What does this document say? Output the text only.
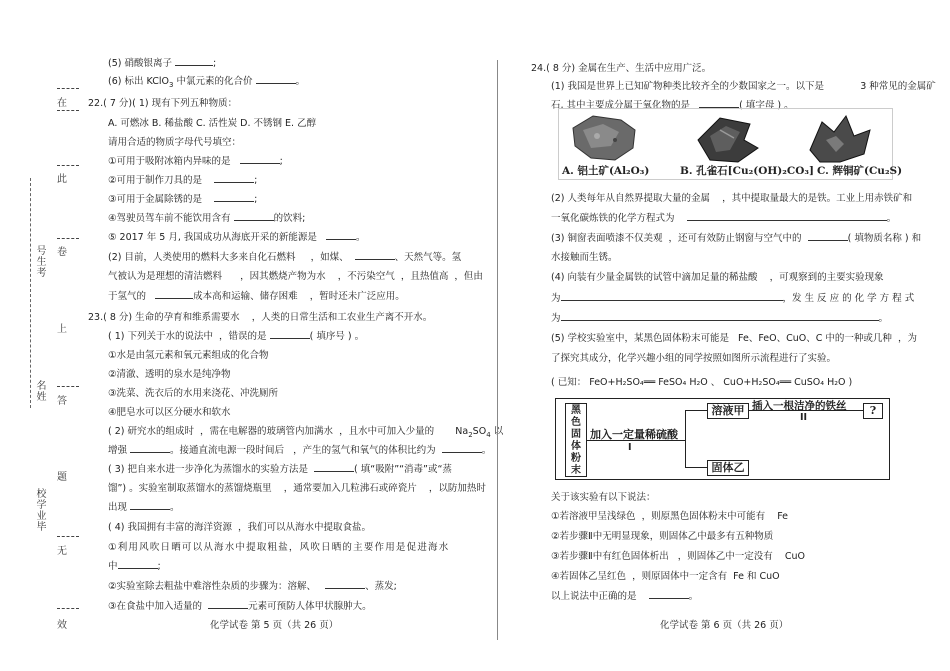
在
此
卷
上
答
题
无
效
号生考
名姓
校学业毕
(5) 硝酸银离子	;
(6) 标出 KClO$_3$ 中氯元素的化合价	。
22.( 7 分)( 1) 现有下列五种物质：
A. 可燃冰 B. 稀盐酸 C. 活性炭 D. 不锈钢 E. 乙醇
请用合适的物质字母代号填空：
①可用于吸附冰箱内异味的是	;
②可用于制作刀具的是	;
③可用于金属除锈的是	;
④驾驶员驾车前不能饮用含有	的饮料;
⑤ 2017 年 5 月, 我国成功从海底开采的新能源是	。
(2) 目前，人类使用的燃料大多来自化石燃料 ，如煤、	、天然气等。氢
气被认为是理想的清洁燃料 ，因其燃烧产物为水 ，不污染空气 ，且热值高 ，但由
于氢气的	成本高和运输、储存困难 ，暂时还未广泛应用。
23.( 8 分) 生命的孕育和维系需要水 ，人类的日常生活和工农业生产离不开水。
( 1) 下列关于水的说法中 ，错误的是	( 填序号 ) 。
①水是由氢元素和氧元素组成的化合物
②清澈、透明的泉水是纯净物
③洗菜、洗衣后的水用来浇花、冲洗厕所
④肥皂水可以区分硬水和软水
( 2) 研究水的组成时 ，需在电解器的玻璃管内加满水 ，且水中可加入少量的 $Na_2SO_4$ 以
增强	。接通直流电源一段时间后 ，产生的氢气和氧气的体积比约为	。
( 3) 把自来水进一步净化为蒸馏水的实验方法是	( 填“吸附”“消毒”或“蒸
馏”) 。实验室制取蒸馏水的蒸馏烧瓶里 ，通常要加入几粒沸石或碎瓷片 ，以防加热时
出现	。
( 4) 我国拥有丰富的海洋资源 ，我们可以从海水中提取食盐。
①利用风吹日晒可以从海水中提取粗盐，风吹日晒的主要作用是促进海水
中	;
②实验室除去粗盐中难溶性杂质的步骤为：溶解、	、蒸发;
③在食盐中加入适量的	元素可预防人体甲状腺肿大。
化学试卷 第 5 页（共 26 页）
24.( 8 分) 金属在生产、生活中应用广泛。
(1) 我国是世界上已知矿物种类比较齐全的少数国家之一。以下是	3 种常见的金属矿
石, 其中主要成分属于氧化物的是	( 填字母 ) 。
A. 铝土矿(Al₂O₃)	B. 孔雀石[Cu₂(OH)₂CO₃] C. 辉铜矿(Cu₂S)
(2) 人类每年从自然界提取大量的金属 ，其中提取量最大的是铁。工业上用赤铁矿和
一氧化碳炼铁的化学方程式为	。
(3) 铜窗表面喷漆不仅美观 ，还可有效防止钢窗与空气中的	( 填物质名称 ) 和
水接触而生锈。
(4) 向装有少量金属铁的试管中滴加足量的稀盐酸 ，可观察到的主要实验现象
为	，发 生 反 应 的 化 学 方 程 式
为	。
(5) 学校实验室中，某黑色固体粉末可能是 Fe、FeO、CuO、C 中的一种或几种 ，为
了探究其成分，化学兴趣小组的同学按照如图所示流程进行了实验。
( 已知： FeO+H₂SO₄══ FeSO₄ H₂O 、 CuO+H₂SO₄══ CuSO₄ H₂O )
黑色固体粉末
加入一定量稀硫酸
I
溶液甲 插入一根洁净的铁丝
II
?
固体乙
关于该实验有以下说法：
①若溶液甲呈浅绿色 ，则原黑色固体粉末中可能有 Fe
②若步骤Ⅱ中无明显现象，则固体乙中最多有五种物质
③若步骤Ⅱ中有红色固体析出 ，则固体乙中一定没有 CuO
④若固体乙呈红色 ，则原固体中一定含有 Fe 和 CuO
以上说法中正确的是	。
化学试卷 第 6 页（共 26 页）
